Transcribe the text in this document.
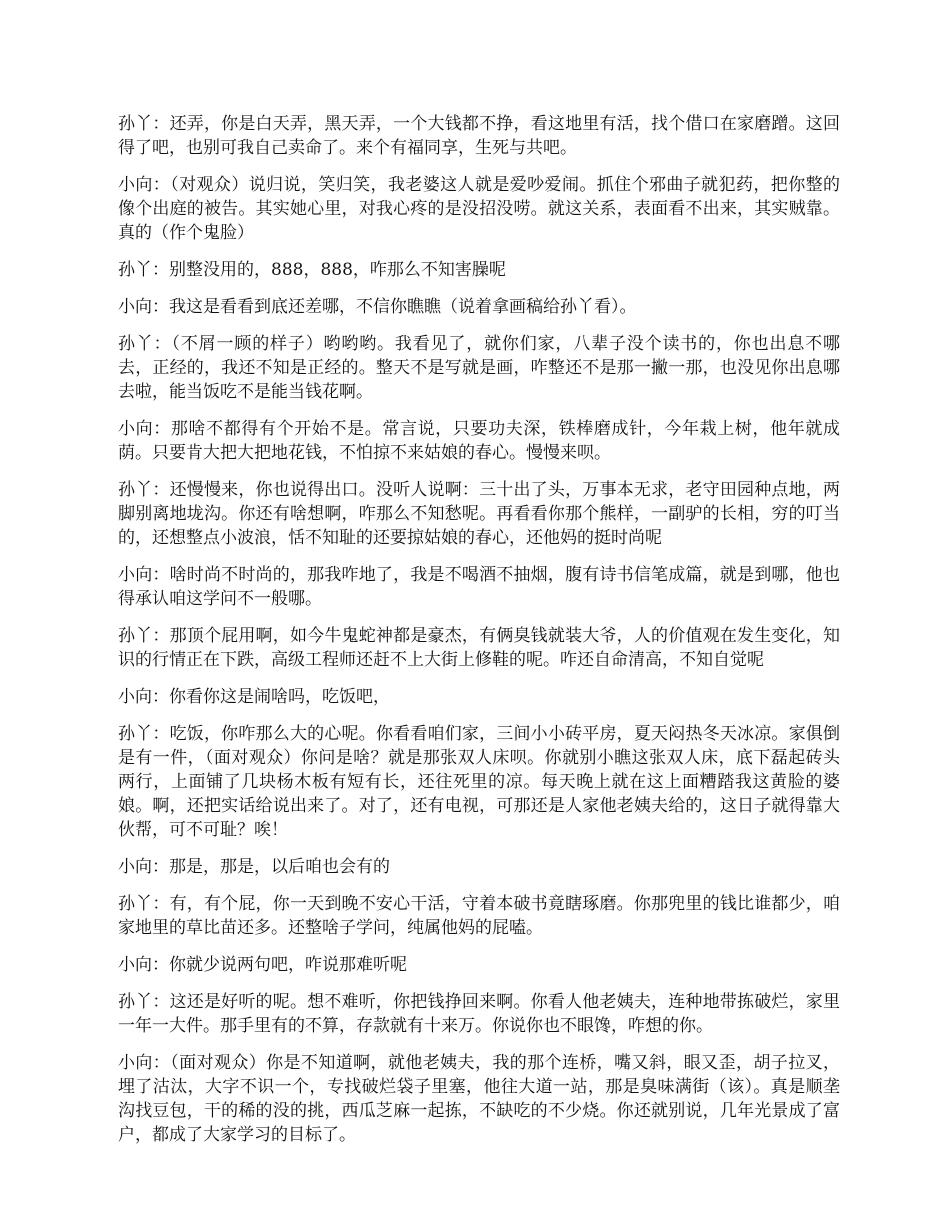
孙丫：还弄，你是白天弄，黑天弄，一个大钱都不挣，看这地里有活，找个借口在家磨蹭。这回得了吧，也别可我自己卖命了。来个有福同享，生死与共吧。

小向：（对观众）说归说，笑归笑，我老婆这人就是爱吵爱闹。抓住个邪曲子就犯药，把你整的像个出庭的被告。其实她心里，对我心疼的是没招没唠。就这关系，表面看不出来，其实贼靠。真的（作个鬼脸）

孙丫：别整没用的，888，888，咋那么不知害臊呢

小向：我这是看看到底还差哪，不信你瞧瞧（说着拿画稿给孙丫看）。

孙丫：（不屑一顾的样子）哟哟哟。我看见了，就你们家，八辈子没个读书的，你也出息不哪去，正经的，我还不知是正经的。整天不是写就是画，咋整还不是那一撇一那，也没见你出息哪去啦，能当饭吃不是能当钱花啊。

小向：那啥不都得有个开始不是。常言说，只要功夫深，铁棒磨成针，今年栽上树，他年就成荫。只要肯大把大把地花钱，不怕掠不来姑娘的春心。慢慢来呗。

孙丫：还慢慢来，你也说得出口。没听人说啊：三十出了头，万事本无求，老守田园种点地，两脚别离地垅沟。你还有啥想啊，咋那么不知愁呢。再看看你那个熊样，一副驴的长相，穷的叮当的，还想整点小波浪，恬不知耻的还要掠姑娘的春心，还他妈的挺时尚呢

小向：啥时尚不时尚的，那我咋地了，我是不喝酒不抽烟，腹有诗书信笔成篇，就是到哪，他也得承认咱这学问不一般哪。

孙丫：那顶个屁用啊，如今牛鬼蛇神都是豪杰，有俩臭钱就装大爷，人的价值观在发生变化，知识的行情正在下跌，高级工程师还赶不上大街上修鞋的呢。咋还自命清高，不知自觉呢

小向：你看你这是闹啥吗，吃饭吧，

孙丫：吃饭，你咋那么大的心呢。你看看咱们家，三间小小砖平房，夏天闷热冬天冰凉。家俱倒是有一件，（面对观众）你问是啥？就是那张双人床呗。你就别小瞧这张双人床，底下磊起砖头两行，上面铺了几块杨木板有短有长，还往死里的凉。每天晚上就在这上面糟踏我这黄脸的婆娘。啊，还把实话给说出来了。对了，还有电视，可那还是人家他老姨夫给的，这日子就得靠大伙帮，可不可耻？唉！

小向：那是，那是，以后咱也会有的

孙丫：有，有个屁，你一天到晚不安心干活，守着本破书竟瞎琢磨。你那兜里的钱比谁都少，咱家地里的草比苗还多。还整啥子学问，纯属他妈的屁嗑。

小向：你就少说两句吧，咋说那难听呢

孙丫：这还是好听的呢。想不难听，你把钱挣回来啊。你看人他老姨夫，连种地带拣破烂，家里一年一大件。那手里有的不算，存款就有十来万。你说你也不眼馋，咋想的你。

小向：（面对观众）你是不知道啊，就他老姨夫，我的那个连桥，嘴又斜，眼又歪，胡子拉叉，埋了沽汰，大字不识一个，专找破烂袋子里塞，他往大道一站，那是臭味满街（该）。真是顺垄沟找豆包，干的稀的没的挑，西瓜芝麻一起拣，不缺吃的不少烧。你还就别说，几年光景成了富户，都成了大家学习的目标了。
